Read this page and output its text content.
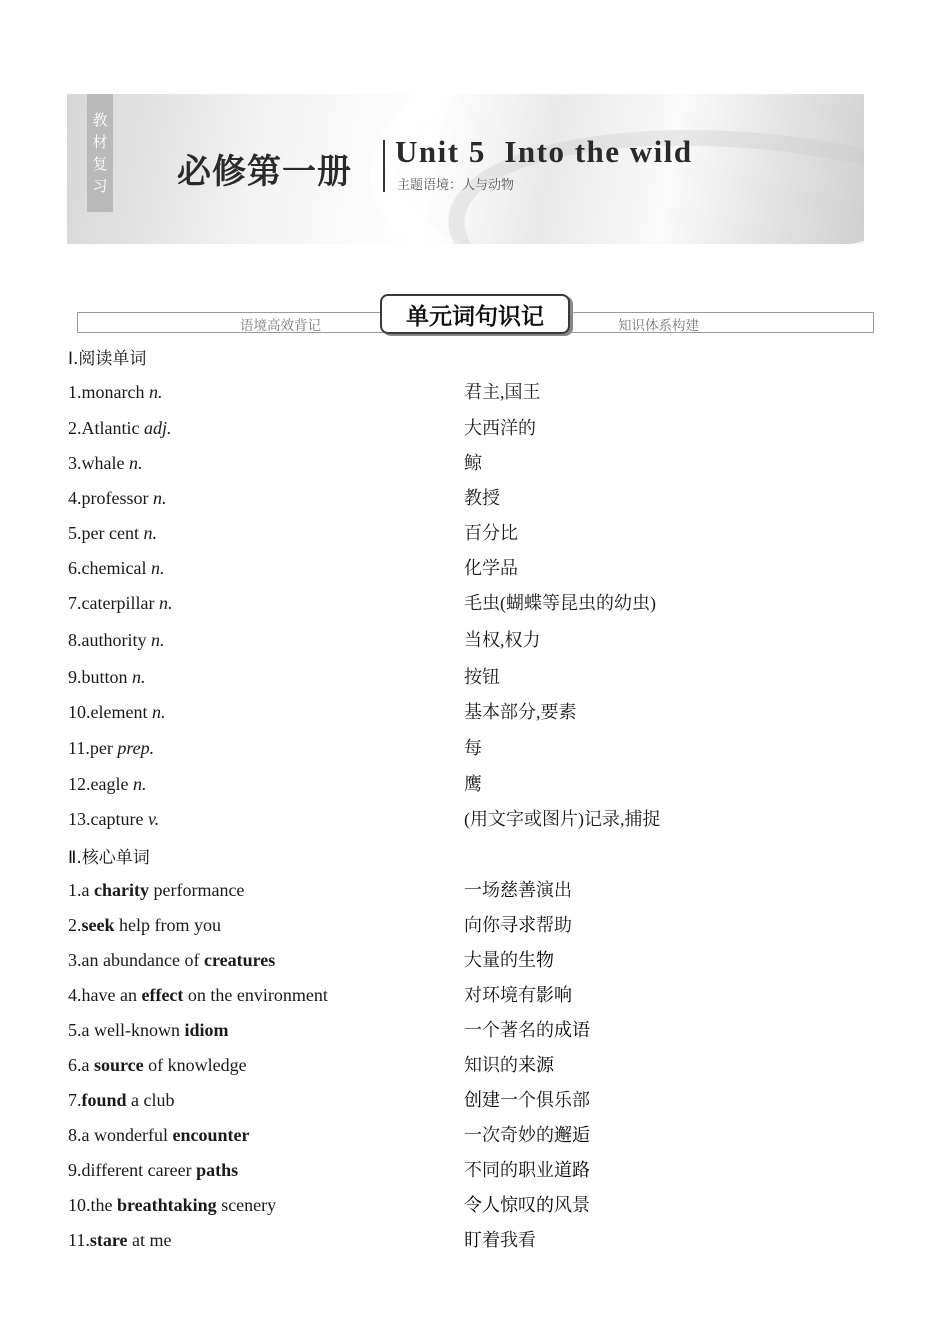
教
材
复
习 必修第一册
Unit 5  Into the wild
主题语境：人与动物
语境高效背记	知识体系构建
单元词句识记
Ⅰ.阅读单词
1.monarch n.	君主,国王
2.Atlantic adj.	大西洋的
3.whale n.	鲸
4.professor n.	教授
5.per cent n.	百分比
6.chemical n.	化学品
7.caterpillar n.	毛虫(蝴蝶等昆虫的幼虫)
8.authority n.	当权,权力
9.button n.	按钮
10.element n.	基本部分,要素
11.per prep.	每
12.eagle n.	鹰
13.capture v.	(用文字或图片)记录,捕捉
Ⅱ.核心单词
1.a charity performance	一场慈善演出
2.seek help from you	向你寻求帮助
3.an abundance of creatures	大量的生物
4.have an effect on the environment	对环境有影响
5.a well-known idiom	一个著名的成语
6.a source of knowledge	知识的来源
7.found a club	创建一个俱乐部
8.a wonderful encounter	一次奇妙的邂逅
9.different career paths	不同的职业道路
10.the breathtaking scenery	令人惊叹的风景
11.stare at me	盯着我看
